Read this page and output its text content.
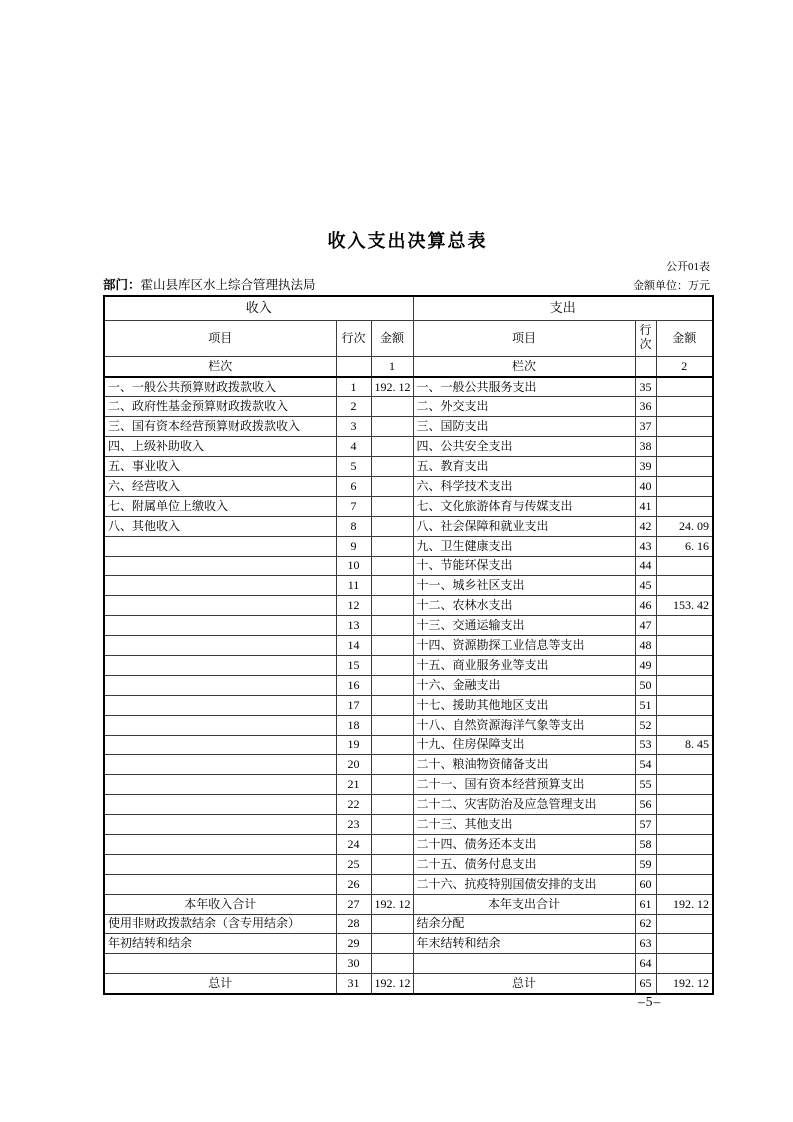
收入支出决算总表
公开01表
部门：霍山县库区水上综合管理执法局	金额单位：万元
收入			支出		
项目	行次	金额	项目	行次	金额
栏次		1	栏次		2
一、一般公共预算财政拨款收入	1	192. 12	一、一般公共服务支出	35	
二、政府性基金预算财政拨款收入	2		二、外交支出	36	
三、国有资本经营预算财政拨款收入	3		三、国防支出	37	
四、上级补助收入	4		四、公共安全支出	38	
五、事业收入	5		五、教育支出	39	
六、经营收入	6		六、科学技术支出	40	
七、附属单位上缴收入	7		七、文化旅游体育与传媒支出	41	
八、其他收入	8		八、社会保障和就业支出	42	24. 09
	9		九、卫生健康支出	43	6. 16
	10		十、节能环保支出	44	
	11		十一、城乡社区支出	45	
	12		十二、农林水支出	46	153. 42
	13		十三、交通运输支出	47	
	14		十四、资源勘探工业信息等支出	48	
	15		十五、商业服务业等支出	49	
	16		十六、金融支出	50	
	17		十七、援助其他地区支出	51	
	18		十八、自然资源海洋气象等支出	52	
	19		十九、住房保障支出	53	8. 45
	20		二十、粮油物资储备支出	54	
	21		二十一、国有资本经营预算支出	55	
	22		二十二、灾害防治及应急管理支出	56	
	23		二十三、其他支出	57	
	24		二十四、债务还本支出	58	
	25		二十五、债务付息支出	59	
	26		二十六、抗疫特别国债安排的支出	60	
本年收入合计	27	192. 12	本年支出合计	61	192. 12
使用非财政拨款结余（含专用结余）	28		结余分配	62	
年初结转和结余	29		年末结转和结余	63	
	30			64	
总计	31	192. 12	总计	65	192. 12
–5–
